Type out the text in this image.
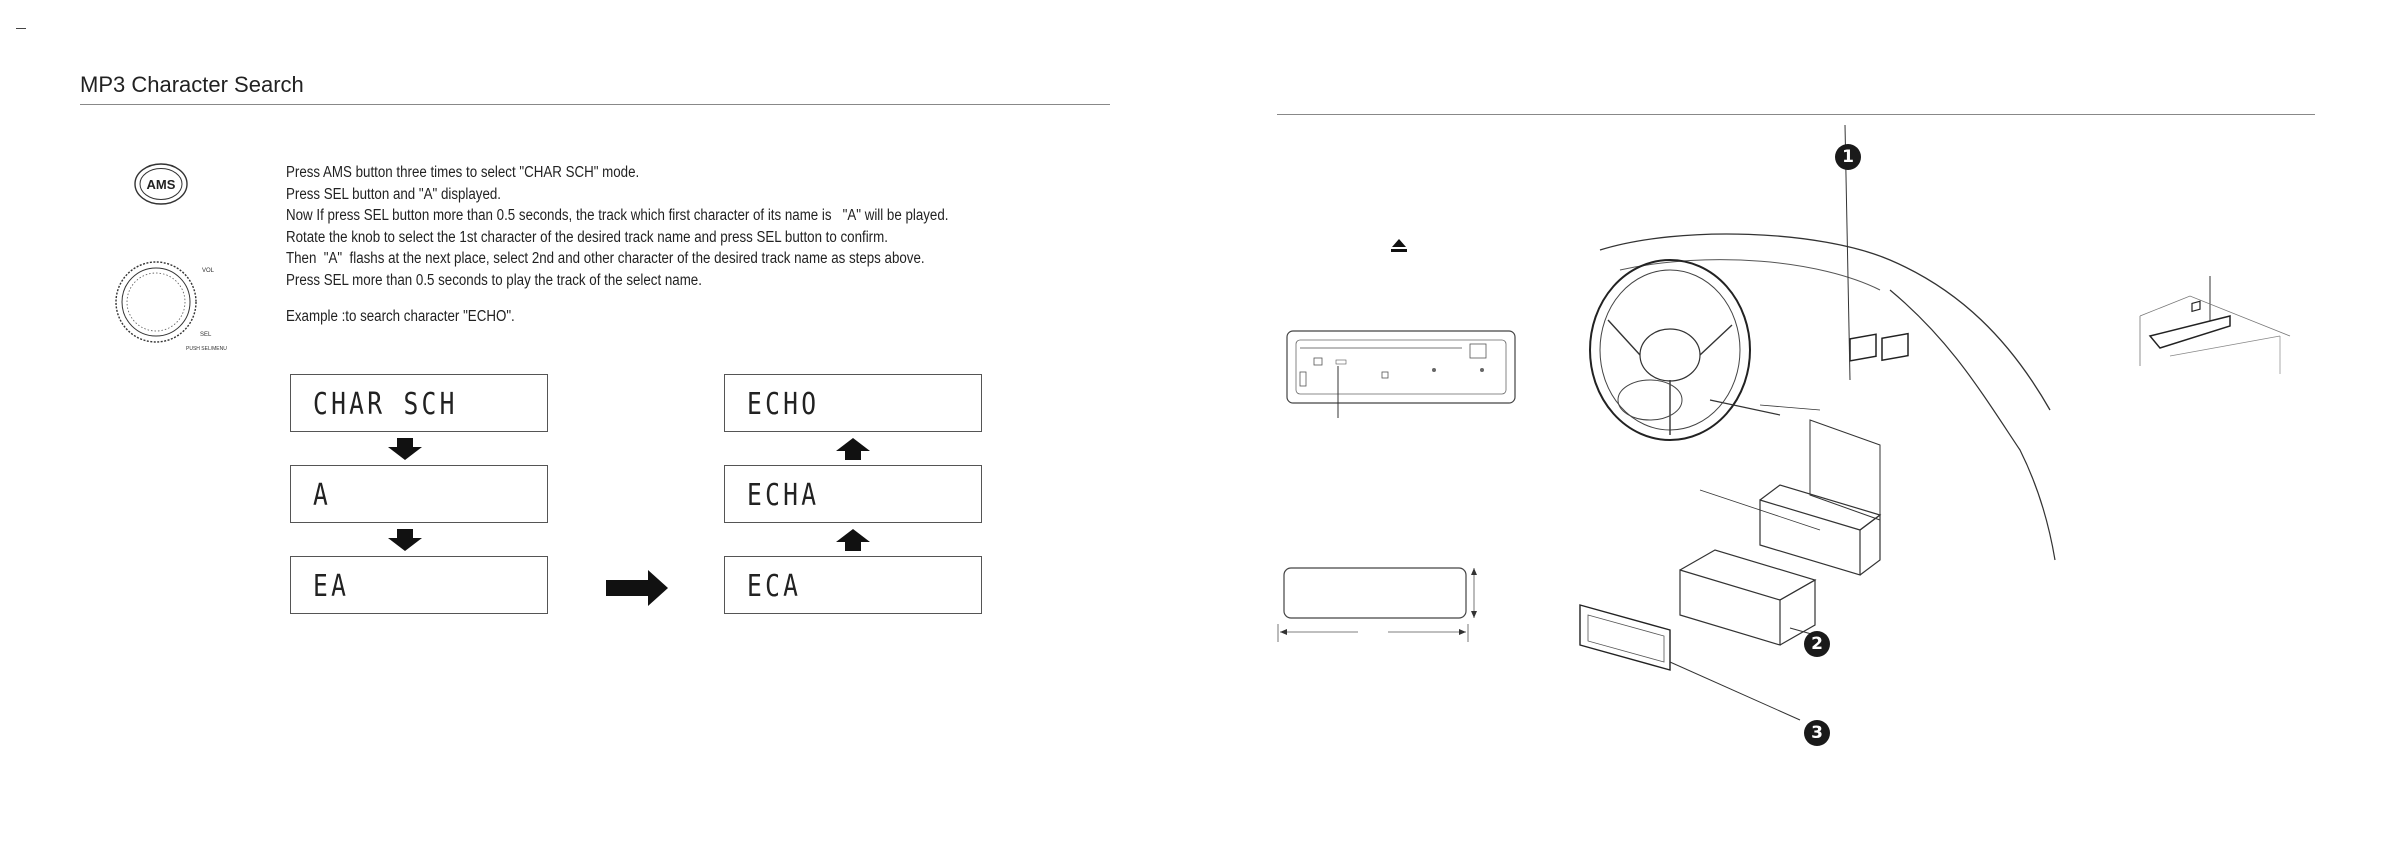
MP3 Character Search
AMS
VOL
SEL
PUSH SEL/MENU
Press AMS button three times to select "CHAR SCH" mode.
Press SEL button and "A" displayed.
Now If press SEL button more than 0.5 seconds, the track which first character of its name is   "A" will be played.
Rotate the knob to select the 1st character of the desired track name and press SEL button to confirm.
Then  "A"  flashs at the next place, select 2nd and other character of the desired track name as steps above.
Press SEL more than 0.5 seconds to play the track of the select name.
Example :to search character "ECHO".
CHAR SCH
A
EA
ECHO
ECHA
ECA
1
2
3
